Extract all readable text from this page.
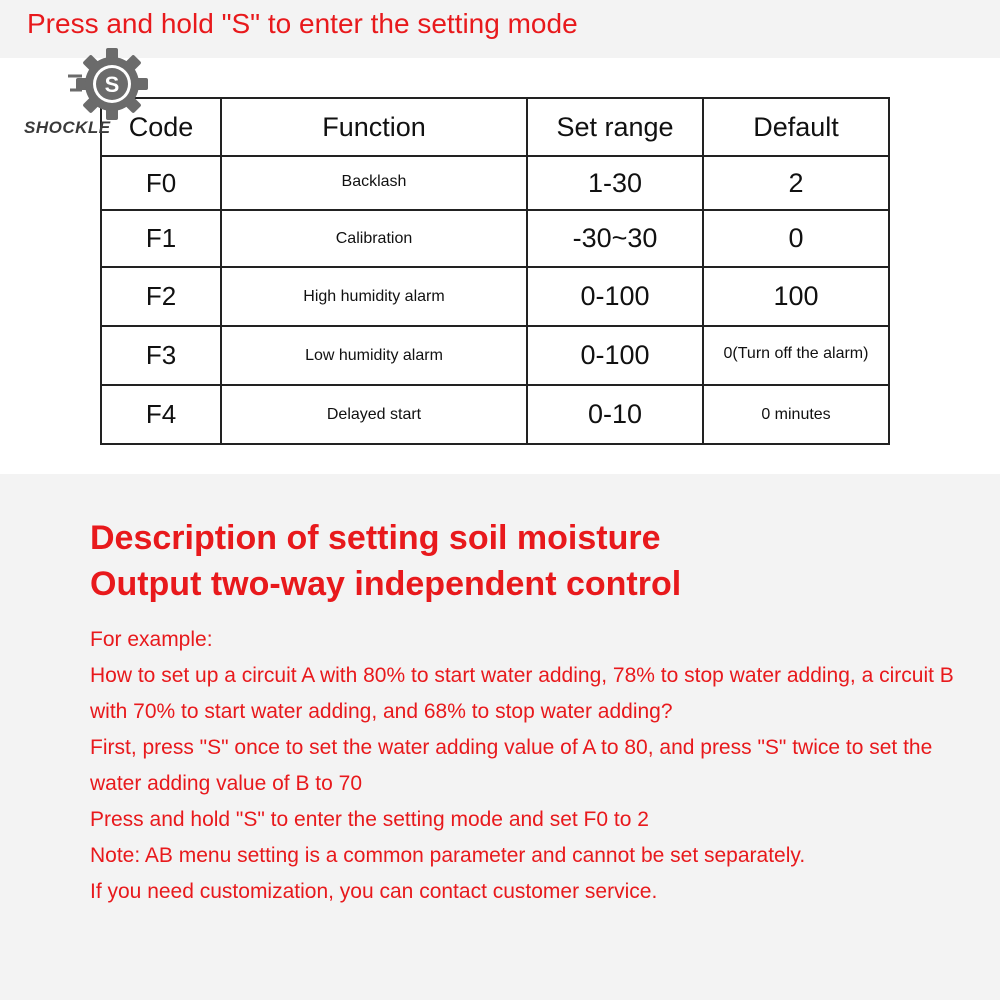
Press and hold "S" to enter the setting mode
Code	Function	Set range	Default
F0	Backlash	1-30	2
F1	Calibration	-30~30	0
F2	High humidity alarm	0-100	100
F3	Low humidity alarm	0-100	0(Turn off the alarm)
F4	Delayed start	0-10	0 minutes
S
SHOCKLE
Description of setting soil moisture
Output two-way independent control

For example:

How to set up a circuit A with 80% to start water adding, 78% to stop water adding, a circuit B with 70% to start water adding, and 68% to stop water adding?

First, press "S" once to set the water adding value of A to 80, and press "S" twice to set the water adding value of B to 70

Press and hold "S" to enter the setting mode and set F0 to 2

Note: AB menu setting is a common parameter and cannot be set separately.

If you need customization, you can contact customer service.
